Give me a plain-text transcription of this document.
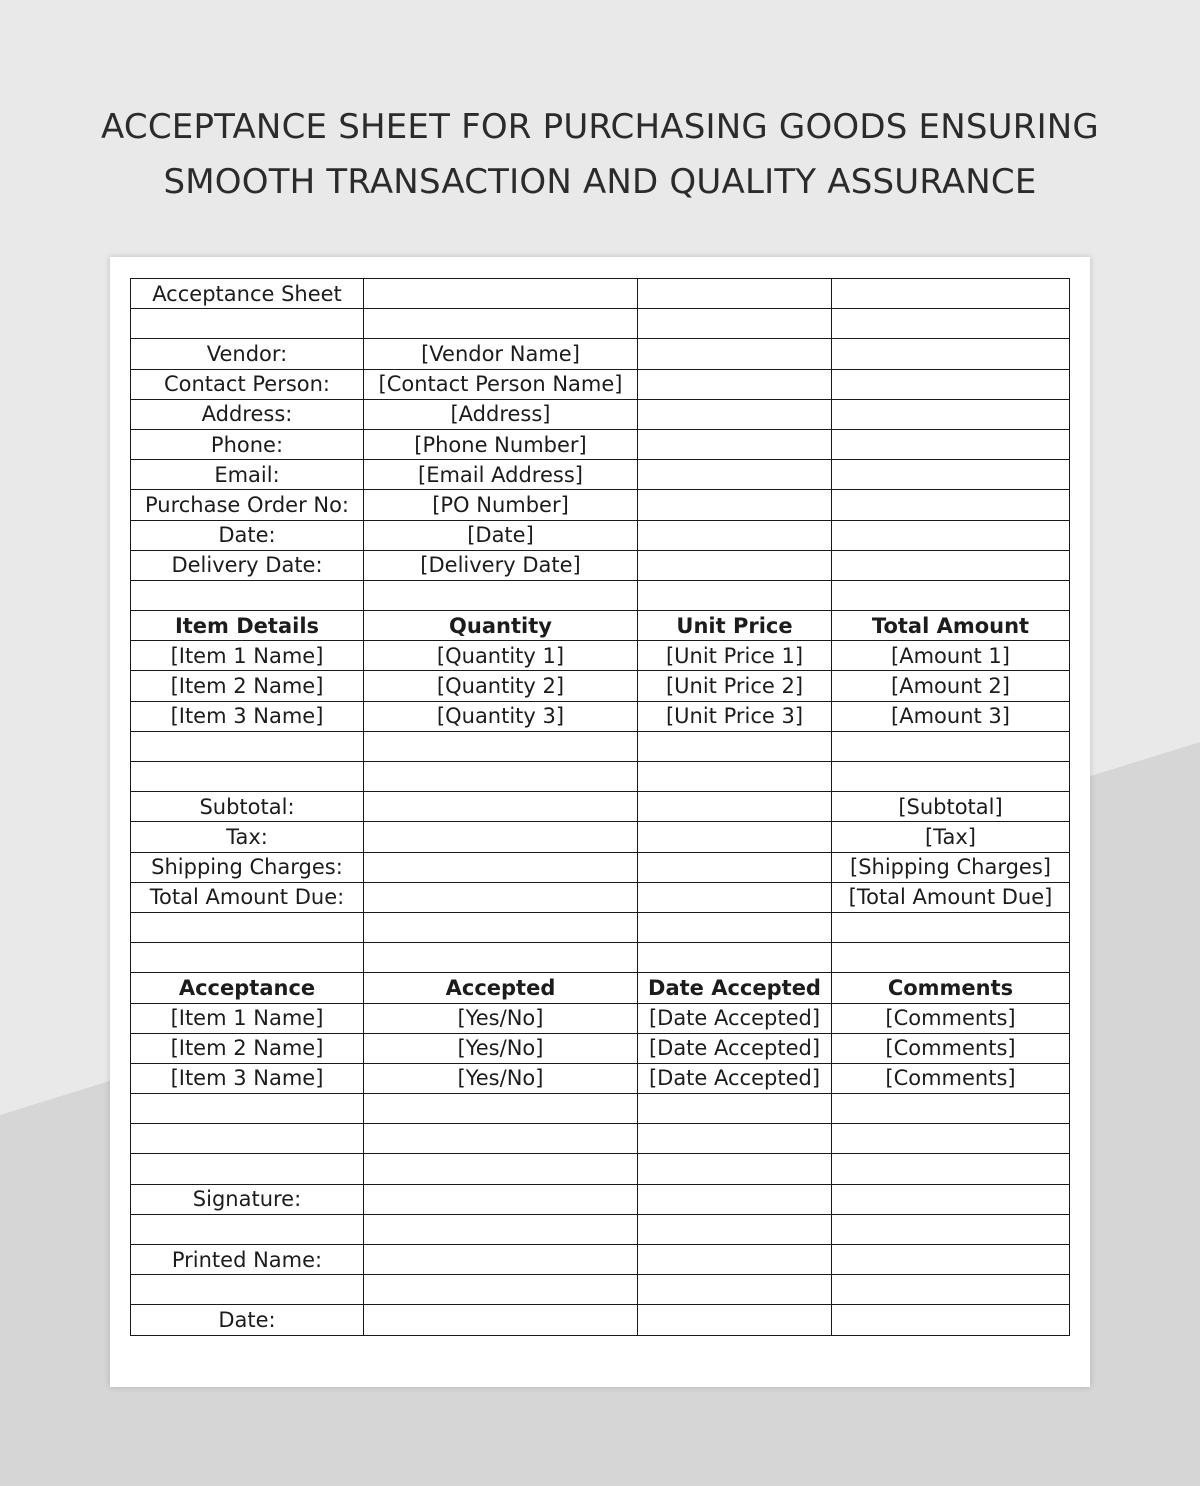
ACCEPTANCE SHEET FOR PURCHASING GOODS ENSURING
SMOOTH TRANSACTION AND QUALITY ASSURANCE
Acceptance Sheet			

Vendor:	[Vendor Name]		
Contact Person:	[Contact Person Name]		
Address:	[Address]		
Phone:	[Phone Number]		
Email:	[Email Address]		
Purchase Order No:	[PO Number]		
Date:	[Date]		
Delivery Date:	[Delivery Date]		

Item Details	Quantity	Unit Price	Total Amount
[Item 1 Name]	[Quantity 1]	[Unit Price 1]	[Amount 1]
[Item 2 Name]	[Quantity 2]	[Unit Price 2]	[Amount 2]
[Item 3 Name]	[Quantity 3]	[Unit Price 3]	[Amount 3]

Subtotal:			[Subtotal]
Tax:			[Tax]
Shipping Charges:			[Shipping Charges]
Total Amount Due:			[Total Amount Due]

Acceptance	Accepted	Date Accepted	Comments
[Item 1 Name]	[Yes/No]	[Date Accepted]	[Comments]
[Item 2 Name]	[Yes/No]	[Date Accepted]	[Comments]
[Item 3 Name]	[Yes/No]	[Date Accepted]	[Comments]

Signature:			

Printed Name:			

Date:			
